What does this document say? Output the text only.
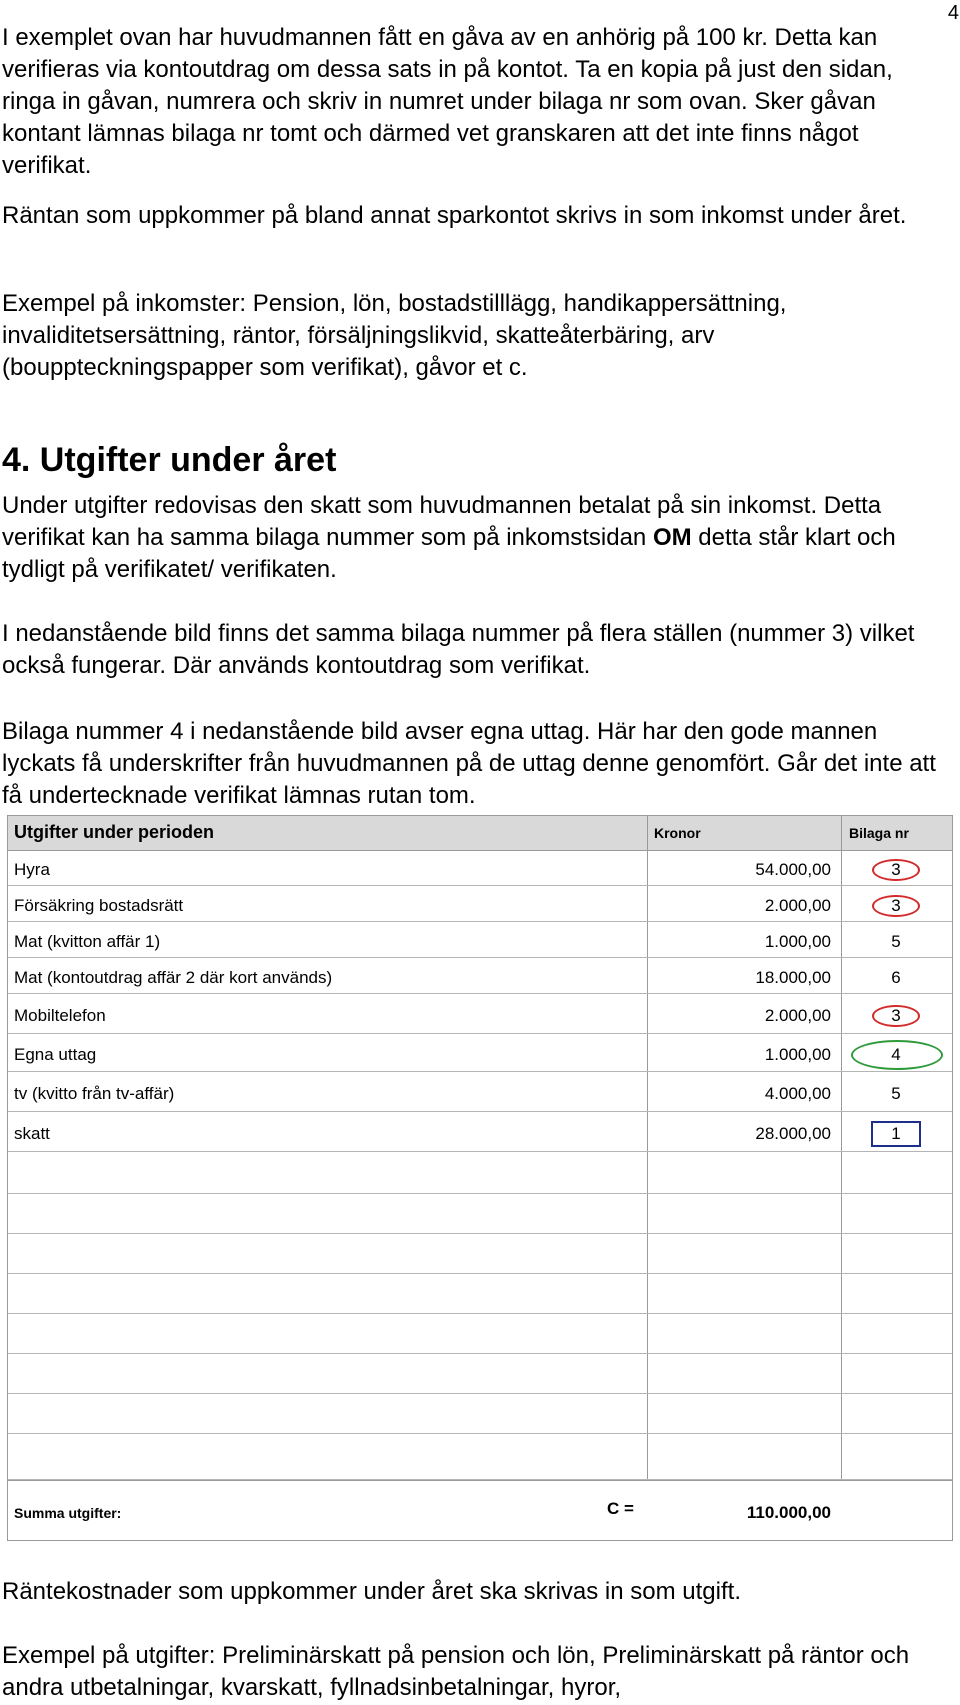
4

I exemplet ovan har huvudmannen fått en gåva av en anhörig på 100 kr. Detta kan verifieras via kontoutdrag om dessa sats in på kontot. Ta en kopia på just den sidan, ringa in gåvan, numrera och skriv in numret under bilaga nr som ovan. Sker gåvan kontant lämnas bilaga nr tomt och därmed vet granskaren att det inte finns något verifikat.

Räntan som uppkommer på bland annat sparkontot skrivs in som inkomst under året.

Exempel på inkomster: Pension, lön, bostadstilllägg, handikappersättning, invaliditetsersättning, räntor, försäljningslikvid, skatteåterbäring, arv (bouppteckningspapper som verifikat), gåvor et c.

4. Utgifter under året

Under utgifter redovisas den skatt som huvudmannen betalat på sin inkomst. Detta verifikat kan ha samma bilaga nummer som på inkomstsidan OM detta står klart och tydligt på verifikatet/ verifikaten.

I nedanstående bild finns det samma bilaga nummer på flera ställen (nummer 3) vilket också fungerar. Där används kontoutdrag som verifikat.

Bilaga nummer 4 i nedanstående bild avser egna uttag. Här har den gode mannen lyckats få underskrifter från huvudmannen på de uttag denne genomfört. Går det inte att få undertecknade verifikat lämnas rutan tom.

Utgifter under perioden	Kronor	Bilaga nr
Hyra	54.000,00	3
Försäkring bostadsrätt	2.000,00	3
Mat (kvitton affär 1)	1.000,00	5
Mat (kontoutdrag affär 2 där kort används)	18.000,00	6
Mobiltelefon	2.000,00	3
Egna uttag	1.000,00	4
tv (kvitto från tv-affär)	4.000,00	5
skatt	28.000,00	1
Summa utgifter:	C =	110.000,00

Räntekostnader som uppkommer under året ska skrivas in som utgift.

Exempel på utgifter: Preliminärskatt på pension och lön, Preliminärskatt på räntor och andra utbetalningar, kvarskatt, fyllnadsinbetalningar, hyror,
